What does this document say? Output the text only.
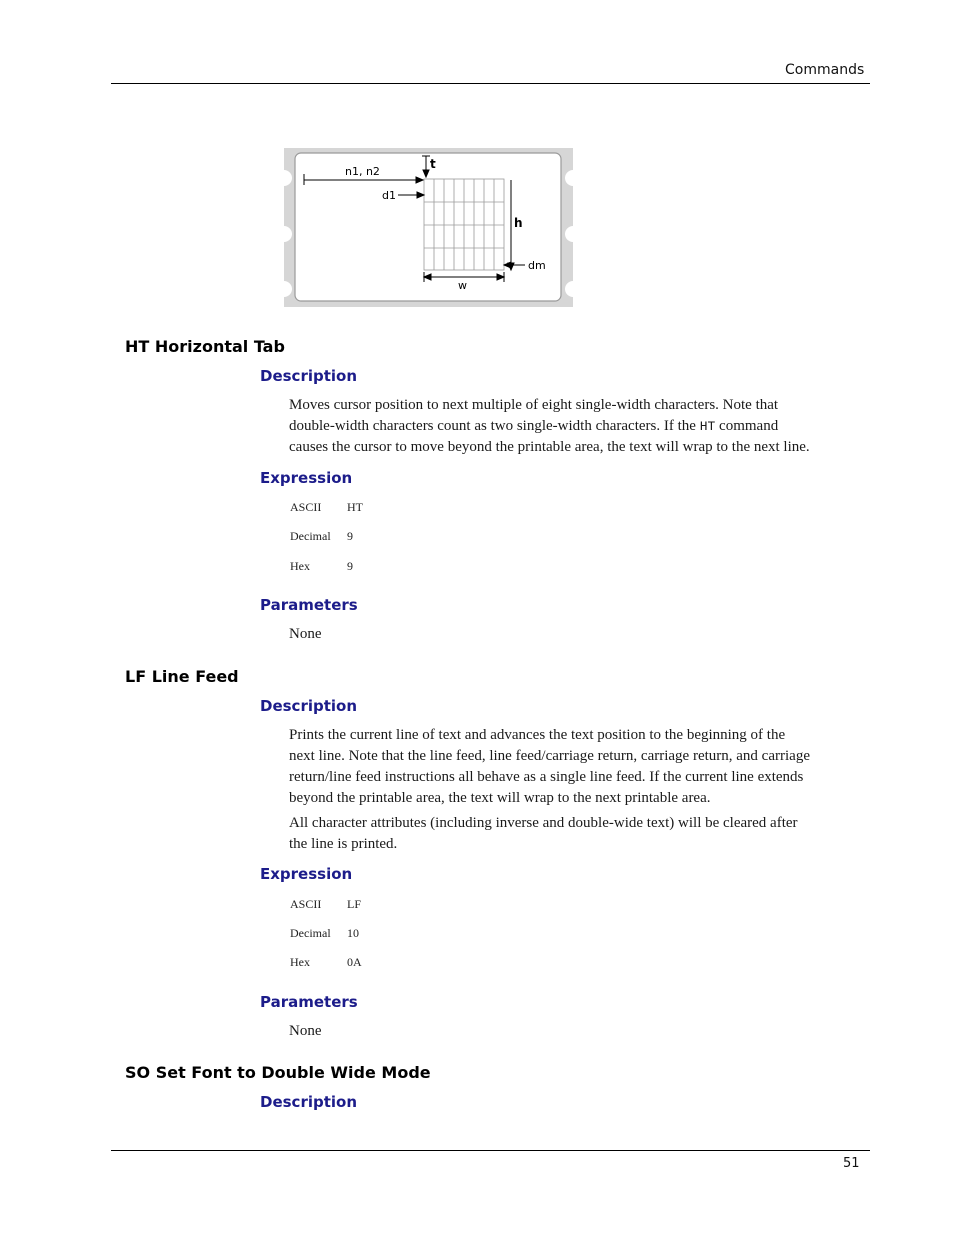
Commands
n1, n2
t
d1
h
dm
w
HT Horizontal Tab
Description
Moves cursor position to next multiple of eight single-width characters. Note that
double-width characters count as two single-width characters. If the HT command
causes the cursor to move beyond the printable area, the text will wrap to the next line.
Expression
ASCII HT
Decimal 9
Hex	9
Parameters
None
LF Line Feed
Description
Prints the current line of text and advances the text position to the beginning of the
next line. Note that the line feed, line feed/carriage return, carriage return, and carriage
return/line feed instructions all behave as a single line feed. If the current line extends
beyond the printable area, the text will wrap to the next printable area.
All character attributes (including inverse and double-wide text) will be cleared after
the line is printed.
Expression
ASCII LF
Decimal 10
Hex	0A
Parameters
None
SO Set Font to Double Wide Mode
Description
51
